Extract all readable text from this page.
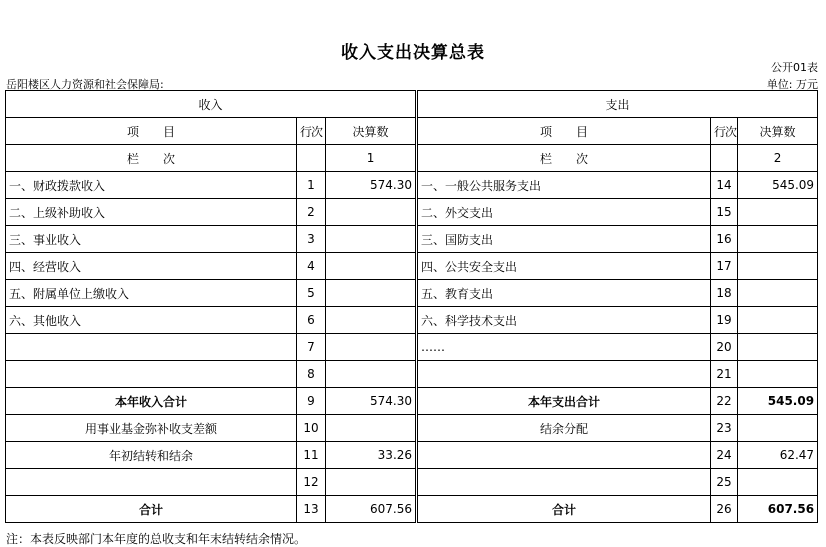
收入支出决算总表
公开01表
岳阳楼区人力资源和社会保障局:	单位: 万元
收入				支出		
项　　目	行次	决算数		项　　目	行次	决算数
栏　　次		1		栏　　次		2
一、财政拨款收入	1	574.30		一、一般公共服务支出	14	545.09
二、上级补助收入	2			二、外交支出	15	
三、事业收入	3			三、国防支出	16	
四、经营收入	4			四、公共安全支出	17	
五、附属单位上缴收入	5			五、教育支出	18	
六、其他收入	6			六、科学技术支出	19	
	7			……	20	
	8				21	
本年收入合计	9	574.30		本年支出合计	22	545.09
用事业基金弥补收支差额	10			结余分配	23	
年初结转和结余	11	33.26			24	62.47
	12				25	
合计	13	607.56		合计	26	607.56
注：本表反映部门本年度的总收支和年末结转结余情况。
